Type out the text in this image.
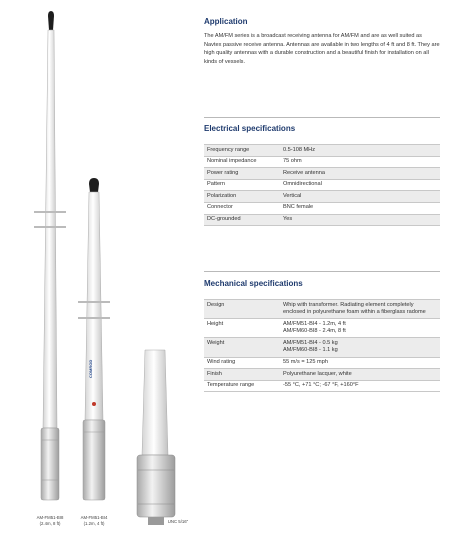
COMROD
AM-FM51-BI8
(2.4m, 8 ft)
AM-FM51-BI4
(1.2m, 4 ft)	UNC 5/16"
Application

The AM/FM series is a broadcast receiving antenna for AM/FM and are as well suited as Navtex passive receive antenna. Antennas are available in two lengths of 4 ft and 8 ft. They are high quality antennas with a durable construction and a beautiful finish for installation on all kinds of vessels.

Electrical specifications
Frequency range	0.5-108 MHz
Nominal impedance	75 ohm
Power rating	Receive antenna
Pattern	Omnidirectional
Polarization	Vertical
Connector	BNC female
DC-grounded	Yes
Mechanical specifications
Design	Whip with transformer. Radiating element completely enclosed in polyurethane foam within a fiberglass radome
Height	AM/FM51-BI4 - 1.2m, 4 ft
AM/FM60-BI8 - 2.4m, 8 ft
Weight	AM/FM51-BI4 - 0.5 kg
AM/FM60-BI8 - 1.1 kg
Wind rating	55 m/s = 125 mph
Finish	Polyurethane lacquer, white
Temperature range	-55 °C, +71 °C; -67 °F, +160°F
